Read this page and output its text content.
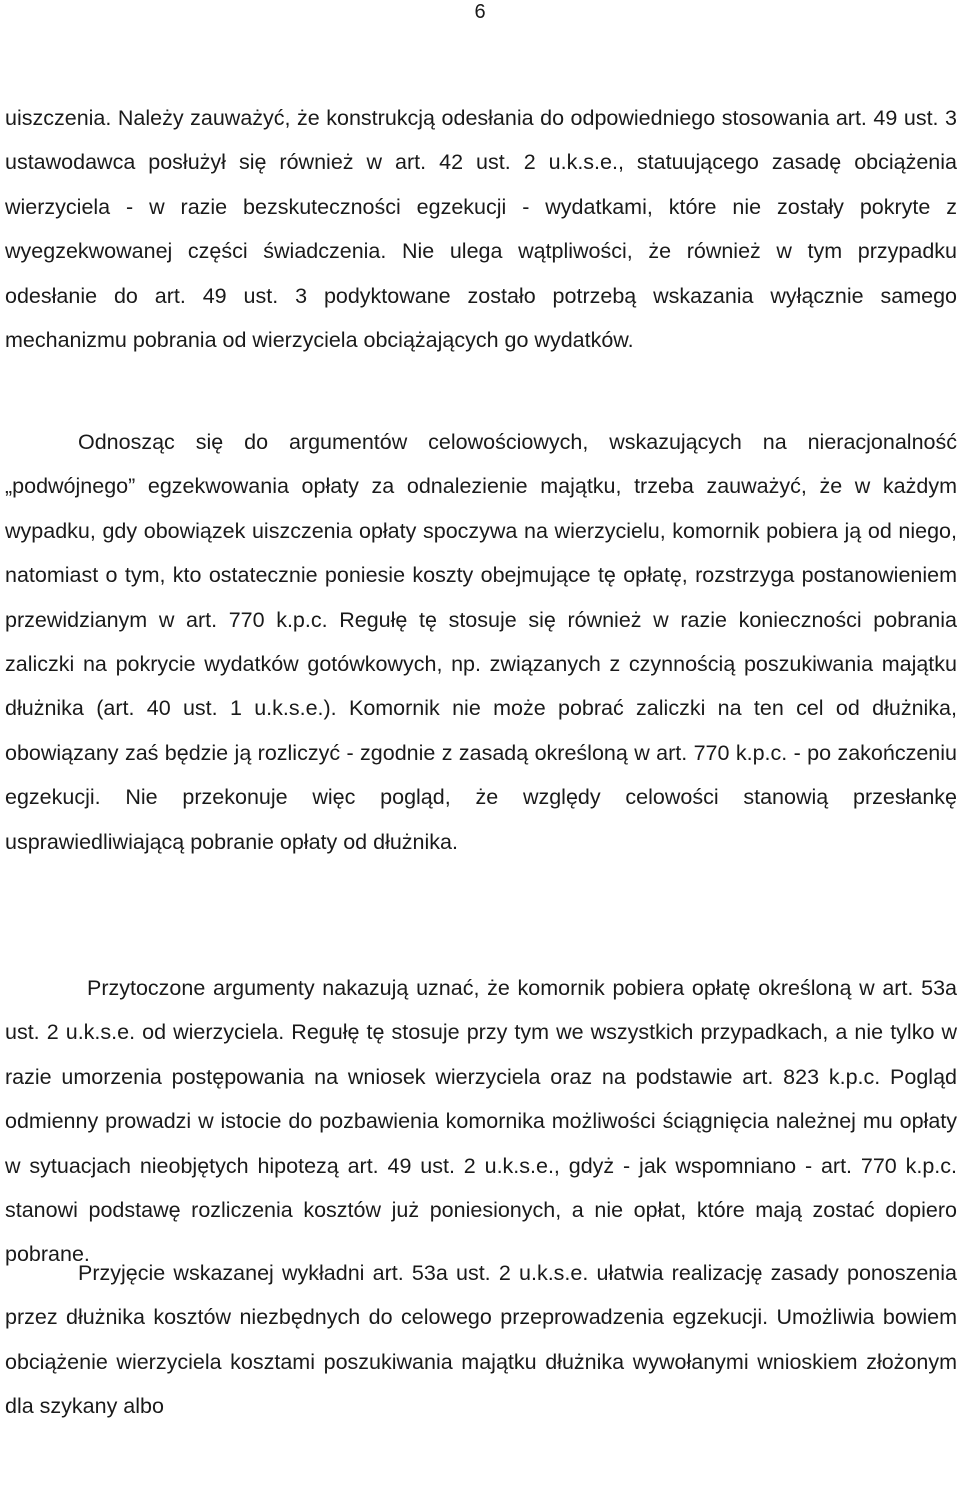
6

uiszczenia. Należy zauważyć, że konstrukcją odesłania do odpowiedniego stosowania art. 49 ust. 3 ustawodawca posłużył się również w art. 42 ust. 2 u.k.s.e., statuującego zasadę obciążenia wierzyciela - w razie bezskuteczności egzekucji - wydatkami, które nie zostały pokryte z wyegzekwowanej części świadczenia. Nie ulega wątpliwości, że również w tym przypadku odesłanie do art. 49 ust. 3 podyktowane zostało potrzebą wskazania wyłącznie samego mechanizmu pobrania od wierzyciela obciążających go wydatków.

Odnosząc się do argumentów celowościowych, wskazujących na nieracjonalność „podwójnego” egzekwowania opłaty za odnalezienie majątku, trzeba zauważyć, że w każdym wypadku, gdy obowiązek uiszczenia opłaty spoczywa na wierzycielu, komornik pobiera ją od niego, natomiast o tym, kto ostatecznie poniesie koszty obejmujące tę opłatę, rozstrzyga postanowieniem przewidzianym w art. 770 k.p.c. Regułę tę stosuje się również w razie konieczności pobrania zaliczki na pokrycie wydatków gotówkowych, np. związanych z czynnością poszukiwania majątku dłużnika (art. 40 ust. 1 u.k.s.e.). Komornik nie może pobrać zaliczki na ten cel od dłużnika, obowiązany zaś będzie ją rozliczyć - zgodnie z zasadą określoną w art. 770 k.p.c. - po zakończeniu egzekucji. Nie przekonuje więc pogląd, że względy celowości stanowią przesłankę usprawiedliwiającą pobranie opłaty od dłużnika.

Przytoczone argumenty nakazują uznać, że komornik pobiera opłatę określoną w art. 53a ust. 2 u.k.s.e. od wierzyciela. Regułę tę stosuje przy tym we wszystkich przypadkach, a nie tylko w razie umorzenia postępowania na wniosek wierzyciela oraz na podstawie art. 823 k.p.c. Pogląd odmienny prowadzi w istocie do pozbawienia komornika możliwości ściągnięcia należnej mu opłaty w sytuacjach nieobjętych hipotezą art. 49 ust. 2 u.k.s.e., gdyż - jak wspomniano - art. 770 k.p.c. stanowi podstawę rozliczenia kosztów już poniesionych, a nie opłat, które mają zostać dopiero pobrane.

Przyjęcie wskazanej wykładni art. 53a ust. 2 u.k.s.e. ułatwia realizację zasady ponoszenia przez dłużnika kosztów niezbędnych do celowego przeprowadzenia egzekucji. Umożliwia bowiem obciążenie wierzyciela kosztami poszukiwania majątku dłużnika wywołanymi wnioskiem złożonym dla szykany albo
